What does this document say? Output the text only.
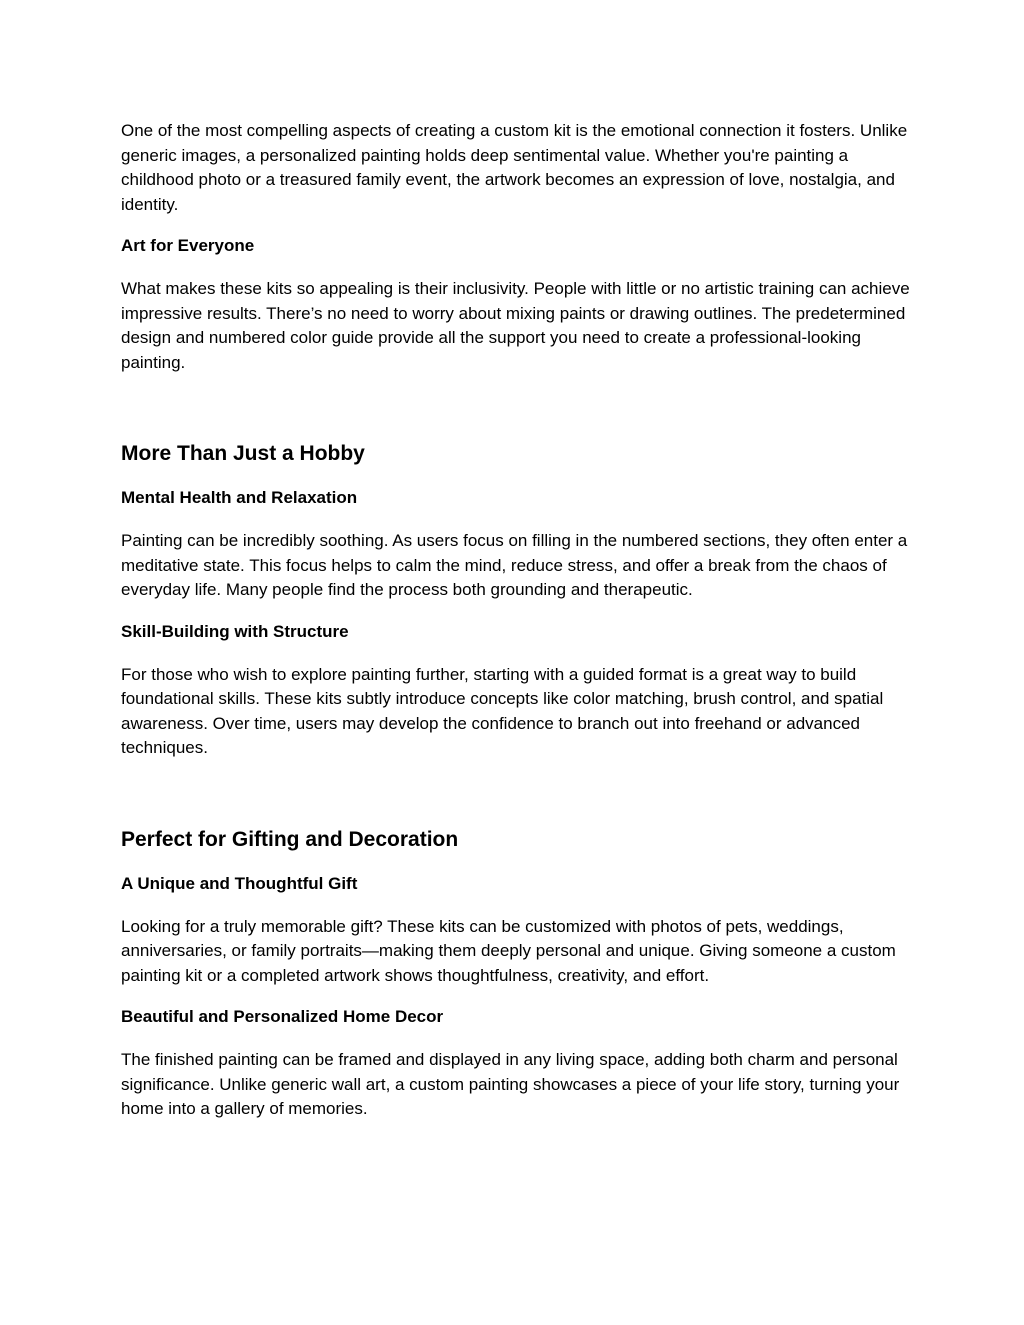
One of the most compelling aspects of creating a custom kit is the emotional connection it fosters. Unlike generic images, a personalized painting holds deep sentimental value. Whether you're painting a childhood photo or a treasured family event, the artwork becomes an expression of love, nostalgia, and identity.

Art for Everyone

What makes these kits so appealing is their inclusivity. People with little or no artistic training can achieve impressive results. There’s no need to worry about mixing paints or drawing outlines. The predetermined design and numbered color guide provide all the support you need to create a professional-looking painting.

More Than Just a Hobby
Mental Health and Relaxation

Painting can be incredibly soothing. As users focus on filling in the numbered sections, they often enter a meditative state. This focus helps to calm the mind, reduce stress, and offer a break from the chaos of everyday life. Many people find the process both grounding and therapeutic.

Skill-Building with Structure

For those who wish to explore painting further, starting with a guided format is a great way to build foundational skills. These kits subtly introduce concepts like color matching, brush control, and spatial awareness. Over time, users may develop the confidence to branch out into freehand or advanced techniques.

Perfect for Gifting and Decoration
A Unique and Thoughtful Gift

Looking for a truly memorable gift? These kits can be customized with photos of pets, weddings, anniversaries, or family portraits—making them deeply personal and unique. Giving someone a custom painting kit or a completed artwork shows thoughtfulness, creativity, and effort.

Beautiful and Personalized Home Decor

The finished painting can be framed and displayed in any living space, adding both charm and personal significance. Unlike generic wall art, a custom painting showcases a piece of your life story, turning your home into a gallery of memories.
